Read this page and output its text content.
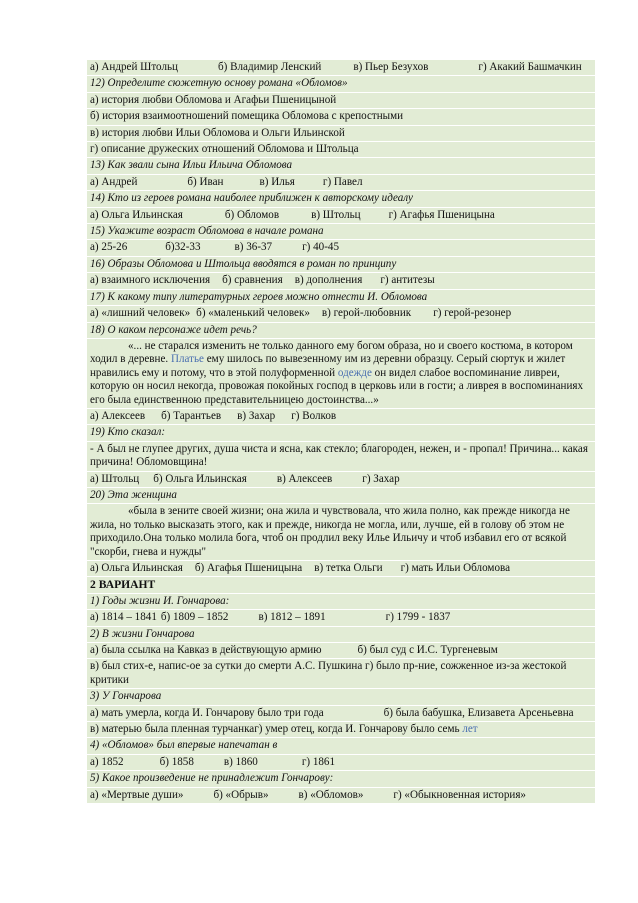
а) Андрей Штольц	б) Владимир Ленский	в) Пьер Безухов	г) Акакий Башмачкин
12) Определите сюжетную основу романа «Обломов»
а) история любви Обломова и Агафьи Пшеницыной
б) история взаимоотношений помещика Обломова с крепостными
в) история любви Ильи Обломова и Ольги Ильинской
г) описание дружеских отношений Обломова и Штольца
13) Как звали сына Ильи Ильича Обломова
а) Андрей	б) Иван	в) Илья	г) Павел
14) Кто из героев романа наиболее приближен к авторскому идеалу
а) Ольга Ильинская	б) Обломов	в) Штольц	г) Агафья Пшеницына
15) Укажите возраст Обломова в начале романа
а) 25-26	б)32-33	в) 36-37	г) 40-45
16) Образы Обломова и Штольца вводятся в роман по принципу
а) взаимного исключения б) сравнения в) дополнения г) антитезы
17) К какому типу литературных героев можно отнести И. Обломова
а) «лишний человек» б) «маленький человек» в) герой-любовник г) герой-резонер
18) О каком персонаже идет речь?
«... не старался изменить не только данного ему богом образа, но и своего костюма, в котором ходил в деревне. Платье ему шилось по вывезенному им из деревни образцу. Серый сюртук и жилет нравились ему и потому, что в этой полуформенной одежде он видел слабое воспоминание ливреи, которую он носил некогда, провожая покойных господ в церковь или в гости; а ливрея в воспоминаниях его была единственною представительницею достоинства...»
а) Алексеев б) Тарантьев в) Захар г) Волков
19) Кто сказал:
- А был не глупее других, душа чиста и ясна, как стекло; благороден, нежен, и - пропал! Причина... какая причина! Обломовщина!
а) Штольц б) Ольга Ильинская	в) Алексеев	г) Захар
20) Эта женщина
«была в зените своей жизни; она жила и чувствовала, что жила полно, как прежде никогда не жила, но только высказать этого, как и прежде, никогда не могла, или, лучше, ей в голову об этом не приходило.Она только молила бога, чтоб он продлил веку Илье Ильичу и чтоб избавил его от всякой "скорби, гнева и нужды"
а) Ольга Ильинская б) Агафья Пшеницына в) тетка Ольги г) мать Ильи Обломова
2 ВАРИАНТ
1) Годы жизни И. Гончарова:
а) 1814 – 1841 б) 1809 – 1852	в) 1812 – 1891	г) 1799 - 1837
2) В жизни Гончарова
а) была ссылка на Кавказ в действующую армию	б) был суд с И.С. Тургеневым
в) был стих-е, напис-ое за сутки до смерти А.С. Пушкина г) было пр-ние, сожженное из-за жестокой критики
3) У Гончарова
а) мать умерла, когда И. Гончарову было три года	б) была бабушка, Елизавета Арсеньевна
в) матерью была пленная турчанкаг) умер отец, когда И. Гончарову было семь лет
4) «Обломов» был впервые напечатан в
а) 1852	б) 1858	в) 1860	г) 1861
5) Какое произведение не принадлежит Гончарову:
а) «Мертвые души»	б) «Обрыв»	в) «Обломов»	г) «Обыкновенная история»
